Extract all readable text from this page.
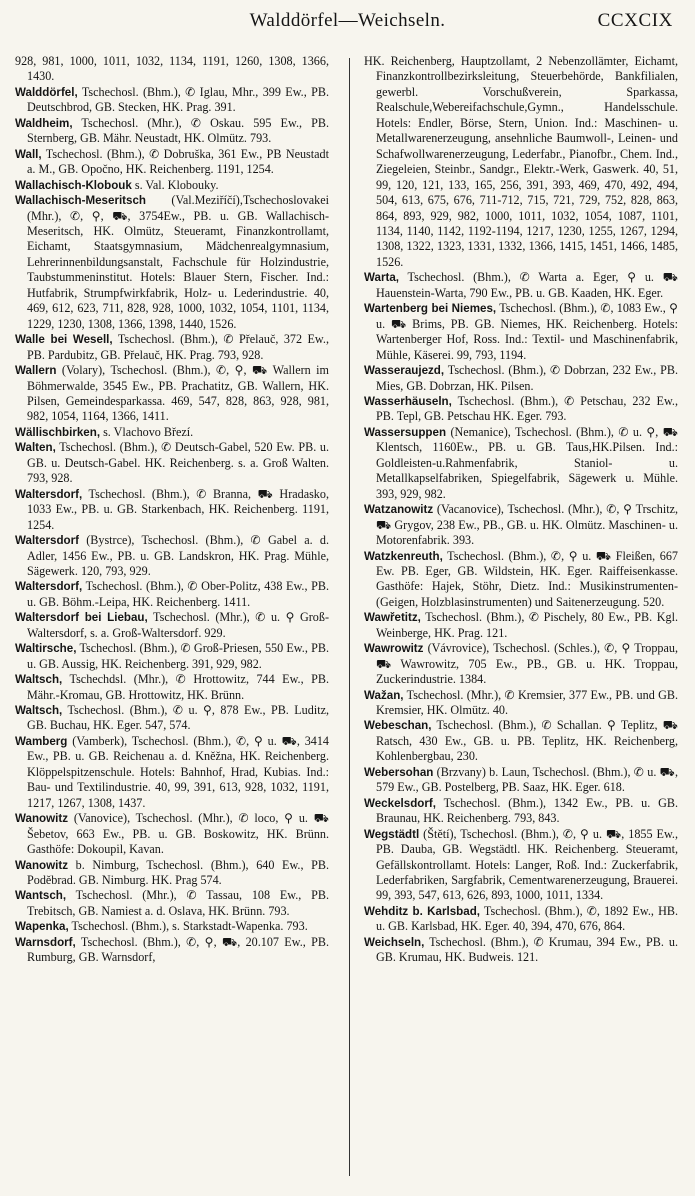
Walddörfel—Weichseln.	CCXCIX

928, 981, 1000, 1011, 1032, 1134, 1191, 1260, 1308, 1366, 1430.

Walddörfel, Tschechosl. (Bhm.), ✆ Iglau, Mhr., 399 Ew., PB. Deutschbrod, GB. Stecken, HK. Prag. 391.

Waldheim, Tschechosl. (Mhr.), ✆ Oskau. 595 Ew., PB. Sternberg, GB. Mähr. Neustadt, HK. Olmütz. 793.

Wall, Tschechosl. (Bhm.), ✆ Dobruška, 361 Ew., PB Neustadt a. M., GB. Opočno, HK. Reichenberg. 1191, 1254.

Wallachisch-Klobouk s. Val. Klobouky.

Wallachisch-Meseritsch (Val.Meziříčí),Tschechoslovakei (Mhr.), ✆, ⚲, ⛟, 3754Ew., PB. u. GB. Wallachisch-Meseritsch, HK. Olmütz, Steueramt, Finanzkontrollamt, Eichamt, Staatsgymnasium, Mädchenrealgymnasium, Lehrerinnenbildungsanstalt, Fachschule für Holzindustrie, Taubstummeninstitut. Hotels: Blauer Stern, Fischer. Ind.: Hutfabrik, Strumpfwirkfabrik, Holz- u. Lederindustrie. 40, 469, 612, 623, 711, 828, 928, 1000, 1032, 1054, 1101, 1134, 1229, 1230, 1308, 1366, 1398, 1440, 1526.

Walle bei Wesell, Tschechosl. (Bhm.), ✆ Přelauč, 372 Ew., PB. Pardubitz, GB. Přelauč, HK. Prag. 793, 928.

Wallern (Volary), Tschechosl. (Bhm.), ✆, ⚲, ⛟ Wallern im Böhmerwalde, 3545 Ew., PB. Prachatitz, GB. Wallern, HK. Pilsen, Gemeindesparkassa. 469, 547, 828, 863, 928, 981, 982, 1054, 1164, 1366, 1411.

Wällischbirken, s. Vlachovo Březí.

Walten, Tschechosl. (Bhm.), ✆ Deutsch-Gabel, 520 Ew. PB. u. GB. u. Deutsch-Gabel. HK. Reichenberg. s. a. Groß Walten. 793, 928.

Waltersdorf, Tschechosl. (Bhm.), ✆ Branna, ⛟ Hradasko, 1033 Ew., PB. u. GB. Starkenbach, HK. Reichenberg. 1191, 1254.

Waltersdorf (Bystrce), Tschechosl. (Bhm.), ✆ Gabel a. d. Adler, 1456 Ew., PB. u. GB. Landskron, HK. Prag. Mühle, Sägewerk. 120, 793, 929.

Waltersdorf, Tschechosl. (Bhm.), ✆ Ober-Politz, 438 Ew., PB. u. GB. Böhm.-Leipa, HK. Reichenberg. 1411.

Waltersdorf bei Liebau, Tschechosl. (Mhr.), ✆ u. ⚲ Groß-Waltersdorf, s. a. Groß-Waltersdorf. 929.

Waltirsche, Tschechosl. (Bhm.), ✆ Groß-Priesen, 550 Ew., PB. u. GB. Aussig, HK. Reichenberg. 391, 929, 982.

Waltsch, Tschechdsl. (Mhr.), ✆ Hrottowitz, 744 Ew., PB. Mähr.-Kromau, GB. Hrottowitz, HK. Brünn.

Waltsch, Tschechosl. (Bhm.), ✆ u. ⚲, 878 Ew., PB. Luditz, GB. Buchau, HK. Eger. 547, 574.

Wamberg (Vamberk), Tschechosl. (Bhm.), ✆, ⚲ u. ⛟, 3414 Ew., PB. u. GB. Reichenau a. d. Kněžna, HK. Reichenberg. Klöppelspitzenschule. Hotels: Bahnhof, Hrad, Kubias. Ind.: Bau- und Textilindustrie. 40, 99, 391, 613, 928, 1032, 1191, 1217, 1267, 1308, 1437.

Wanowitz (Vanovice), Tschechosl. (Mhr.), ✆ loco, ⚲ u. ⛟ Šebetov, 663 Ew., PB. u. GB. Boskowitz, HK. Brünn. Gasthöfe: Dokoupil, Kavan.

Wanowitz b. Nimburg, Tschechosl. (Bhm.), 640 Ew., PB. Poděbrad. GB. Nimburg. HK. Prag 574.

Wantsch, Tschechosl. (Mhr.), ✆ Tassau, 108 Ew., PB. Trebitsch, GB. Namiest a. d. Oslava, HK. Brünn. 793.

Wapenka, Tschechosl. (Bhm.), s. Starkstadt-Wapenka. 793.

Warnsdorf, Tschechosl. (Bhm.), ✆, ⚲, ⛟, 20.107 Ew., PB. Rumburg, GB. Warnsdorf,

HK. Reichenberg, Hauptzollamt, 2 Nebenzollämter, Eichamt, Finanzkontrollbezirksleitung, Steuerbehörde, Bankfilialen, gewerbl. Vorschußverein, Sparkassa, Realschule,Webereifachschule,Gymn., Handelsschule. Hotels: Endler, Börse, Stern, Union. Ind.: Maschinen- u. Metallwarenerzeugung, ansehnliche Baumwoll-, Leinen- und Schafwollwarenerzeugung, Lederfabr., Pianofbr., Chem. Ind., Ziegeleien, Steinbr., Sandgr., Elektr.-Werk, Gaswerk. 40, 51, 99, 120, 121, 133, 165, 256, 391, 393, 469, 470, 492, 494, 504, 613, 675, 676, 711-712, 715, 721, 729, 752, 828, 863, 864, 893, 929, 982, 1000, 1011, 1032, 1054, 1087, 1101, 1134, 1140, 1142, 1192-1194, 1217, 1230, 1255, 1267, 1294, 1308, 1322, 1323, 1331, 1332, 1366, 1415, 1451, 1466, 1485, 1526.

Warta, Tschechosl. (Bhm.), ✆ Warta a. Eger, ⚲ u. ⛟ Hauenstein-Warta, 790 Ew., PB. u. GB. Kaaden, HK. Eger.

Wartenberg bei Niemes, Tschechosl. (Bhm.), ✆, 1083 Ew., ⚲ u. ⛟ Brims, PB. GB. Niemes, HK. Reichenberg. Hotels: Wartenberger Hof, Ross. Ind.: Textil- und Maschinenfabrik, Mühle, Käserei. 99, 793, 1194.

Wasseraujezd, Tschechosl. (Bhm.), ✆ Dobrzan, 232 Ew., PB. Mies, GB. Dobrzan, HK. Pilsen.

Wasserhäuseln, Tschechosl. (Bhm.), ✆ Petschau, 232 Ew., PB. Tepl, GB. Petschau HK. Eger. 793.

Wassersuppen (Nemanice), Tschechosl. (Bhm.), ✆ u. ⚲, ⛟ Klentsch, 1160Ew., PB. u. GB. Taus,HK.Pilsen. Ind.: Goldleisten-u.Rahmenfabrik, Staniol- u. Metallkapselfabriken, Spiegelfabrik, Sägewerk u. Mühle. 393, 929, 982.

Watzanowitz (Vacanovice), Tschechosl. (Mhr.), ✆, ⚲ Trschitz, ⛟ Grygov, 238 Ew., PB., GB. u. HK. Olmütz. Maschinen- u. Motorenfabrik. 393.

Watzkenreuth, Tschechosl. (Bhm.), ✆, ⚲ u. ⛟ Fleißen, 667 Ew. PB. Eger, GB. Wildstein, HK. Eger. Raiffeisenkasse. Gasthöfe: Hajek, Stöhr, Dietz. Ind.: Musikinstrumenten- (Geigen, Holzblasinstrumenten) und Saitenerzeugung. 520.

Wawřetitz, Tschechosl. (Bhm.), ✆ Pischely, 80 Ew., PB. Kgl. Weinberge, HK. Prag. 121.

Wawrowitz (Vávrovice), Tschechosl. (Schles.), ✆, ⚲ Troppau, ⛟ Wawrowitz, 705 Ew., PB., GB. u. HK. Troppau, Zuckerindustrie. 1384.

Wažan, Tschechosl. (Mhr.), ✆ Kremsier, 377 Ew., PB. und GB. Kremsier, HK. Olmütz. 40.

Webeschan, Tschechosl. (Bhm.), ✆ Schallan. ⚲ Teplitz, ⛟ Ratsch, 430 Ew., GB. u. PB. Teplitz, HK. Reichenberg, Kohlenbergbau, 230.

Webersohan (Brzvany) b. Laun, Tschechosl. (Bhm.), ✆ u. ⛟, 579 Ew., GB. Postelberg, PB. Saaz, HK. Eger. 618.

Weckelsdorf, Tschechosl. (Bhm.), 1342 Ew., PB. u. GB. Braunau, HK. Reichenberg. 793, 843.

Wegstädtl (Štětí), Tschechosl. (Bhm.), ✆, ⚲ u. ⛟, 1855 Ew., PB. Dauba, GB. Wegstädtl. HK. Reichenberg. Steueramt, Gefällskontrollamt. Hotels: Langer, Roß. Ind.: Zuckerfabrik, Lederfabriken, Sargfabrik, Cementwarenerzeugung, Brauerei. 99, 393, 547, 613, 626, 893, 1000, 1011, 1334.

Wehditz b. Karlsbad, Tschechosl. (Bhm.), ✆, 1892 Ew., HB. u. GB. Karlsbad, HK. Eger. 40, 394, 470, 676, 864.

Weichseln, Tschechosl. (Bhm.), ✆ Krumau, 394 Ew., PB. u. GB. Krumau, HK. Budweis. 121.
